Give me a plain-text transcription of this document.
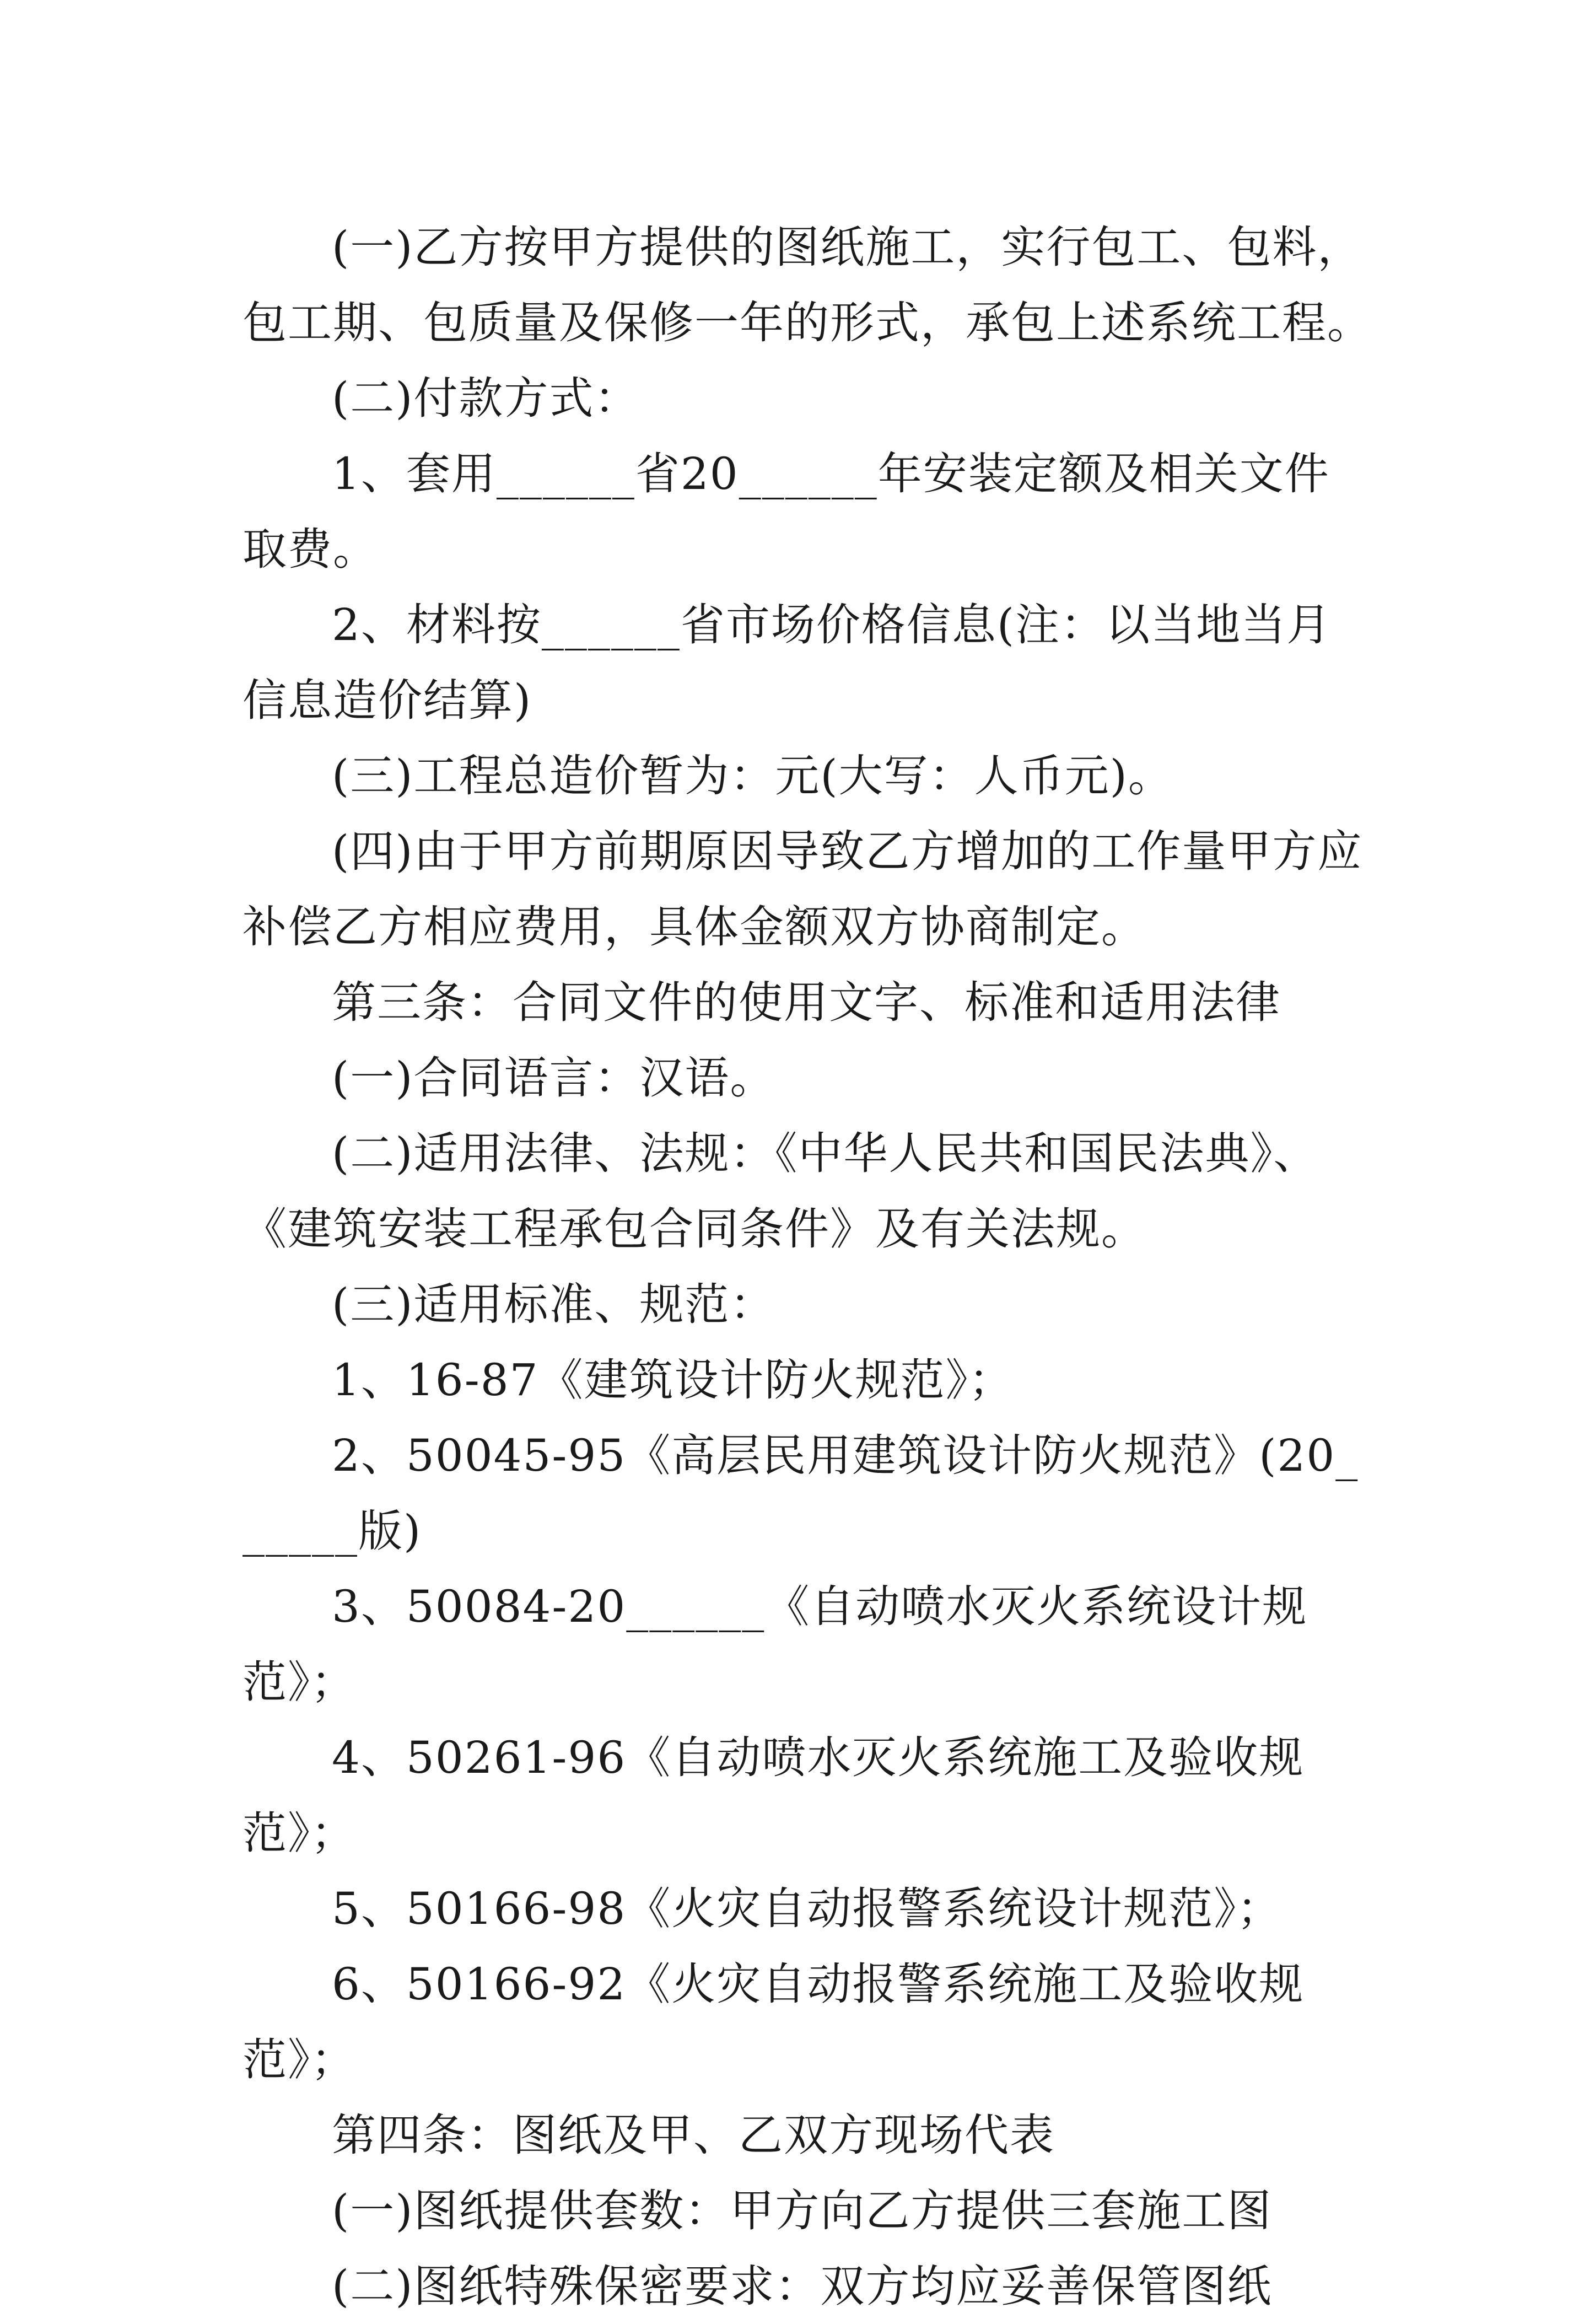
(一)乙方按甲方提供的图纸施工，实行包工、包料，包工期、包质量及保修一年的形式，承包上述系统工程。

(二)付款方式：

1、套用______省20______年安装定额及相关文件取费。

2、材料按______省市场价格信息(注：以当地当月信息造价结算)

(三)工程总造价暂为：元(大写：人币元)。

(四)由于甲方前期原因导致乙方增加的工作量甲方应补偿乙方相应费用，具体金额双方协商制定。

第三条：合同文件的使用文字、标准和适用法律

(一)合同语言：汉语。

(二)适用法律、法规：《中华人民共和国民法典》、《建筑安装工程承包合同条件》及有关法规。

(三)适用标准、规范：

1、16-87《建筑设计防火规范》；

2、50045-95《高层民用建筑设计防火规范》(20______版)

3、50084-20______《自动喷水灭火系统设计规范》；

4、50261-96《自动喷水灭火系统施工及验收规范》；

5、50166-98《火灾自动报警系统设计规范》；

6、50166-92《火灾自动报警系统施工及验收规范》；

第四条：图纸及甲、乙双方现场代表

(一)图纸提供套数：甲方向乙方提供三套施工图

(二)图纸特殊保密要求：双方均应妥善保管图纸
